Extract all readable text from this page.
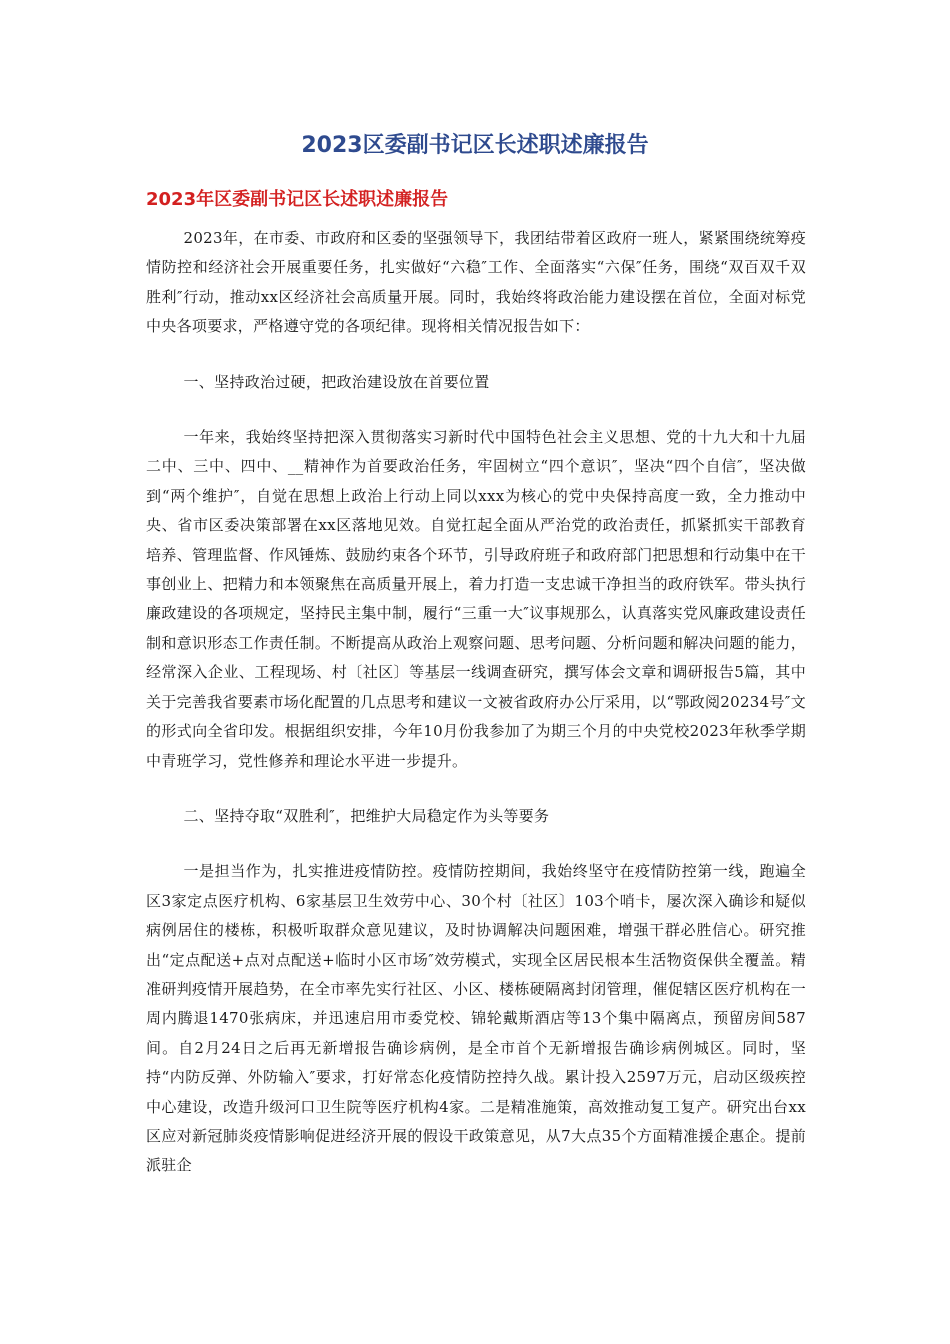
2023区委副书记区长述职述廉报告
2023年区委副书记区长述职述廉报告

2023年，在市委、市政府和区委的坚强领导下，我团结带着区政府一班人，紧紧围绕统筹疫情防控和经济社会开展重要任务，扎实做好“六稳″工作、全面落实“六保″任务，围绕“双百双千双胜利″行动，推动xx区经济社会高质量开展。同时，我始终将政治能力建设摆在首位，全面对标党中央各项要求，严格遵守党的各项纪律。现将相关情况报告如下：

一、坚持政治过硬，把政治建设放在首要位置

一年来，我始终坚持把深入贯彻落实习新时代中国特色社会主义思想、党的十九大和十九届二中、三中、四中、__精神作为首要政治任务，牢固树立“四个意识″，坚决“四个自信″，坚决做到“两个维护″，自觉在思想上政治上行动上同以xxx为核心的党中央保持高度一致，全力推动中央、省市区委决策部署在xx区落地见效。自觉扛起全面从严治党的政治责任，抓紧抓实干部教育培养、管理监督、作风锤炼、鼓励约束各个环节，引导政府班子和政府部门把思想和行动集中在干事创业上、把精力和本领聚焦在高质量开展上，着力打造一支忠诚干净担当的政府铁军。带头执行廉政建设的各项规定，坚持民主集中制，履行“三重一大″议事规那么，认真落实党风廉政建设责任制和意识形态工作责任制。不断提高从政治上观察问题、思考问题、分析问题和解决问题的能力，经常深入企业、工程现场、村〔社区〕等基层一线调查研究，撰写体会文章和调研报告5篇，其中关于完善我省要素市场化配置的几点思考和建议一文被省政府办公厅采用，以“鄂政阅20234号″文的形式向全省印发。根据组织安排，今年10月份我参加了为期三个月的中央党校2023年秋季学期中青班学习，党性修养和理论水平进一步提升。

二、坚持夺取“双胜利″，把维护大局稳定作为头等要务

一是担当作为，扎实推进疫情防控。疫情防控期间，我始终坚守在疫情防控第一线，跑遍全区3家定点医疗机构、6家基层卫生效劳中心、30个村〔社区〕103个哨卡，屡次深入确诊和疑似病例居住的楼栋，积极听取群众意见建议，及时协调解决问题困难，增强干群必胜信心。研究推出“定点配送+点对点配送+临时小区市场″效劳模式，实现全区居民根本生活物资保供全覆盖。精准研判疫情开展趋势，在全市率先实行社区、小区、楼栋硬隔离封闭管理，催促辖区医疗机构在一周内腾退1470张病床，并迅速启用市委党校、锦轮戴斯酒店等13个集中隔离点，预留房间587间。自2月24日之后再无新增报告确诊病例，是全市首个无新增报告确诊病例城区。同时，坚持“内防反弹、外防输入″要求，打好常态化疫情防控持久战。累计投入2597万元，启动区级疾控中心建设，改造升级河口卫生院等医疗机构4家。二是精准施策，高效推动复工复产。研究出台xx区应对新冠肺炎疫情影响促进经济开展的假设干政策意见，从7大点35个方面精准援企惠企。提前派驻企
